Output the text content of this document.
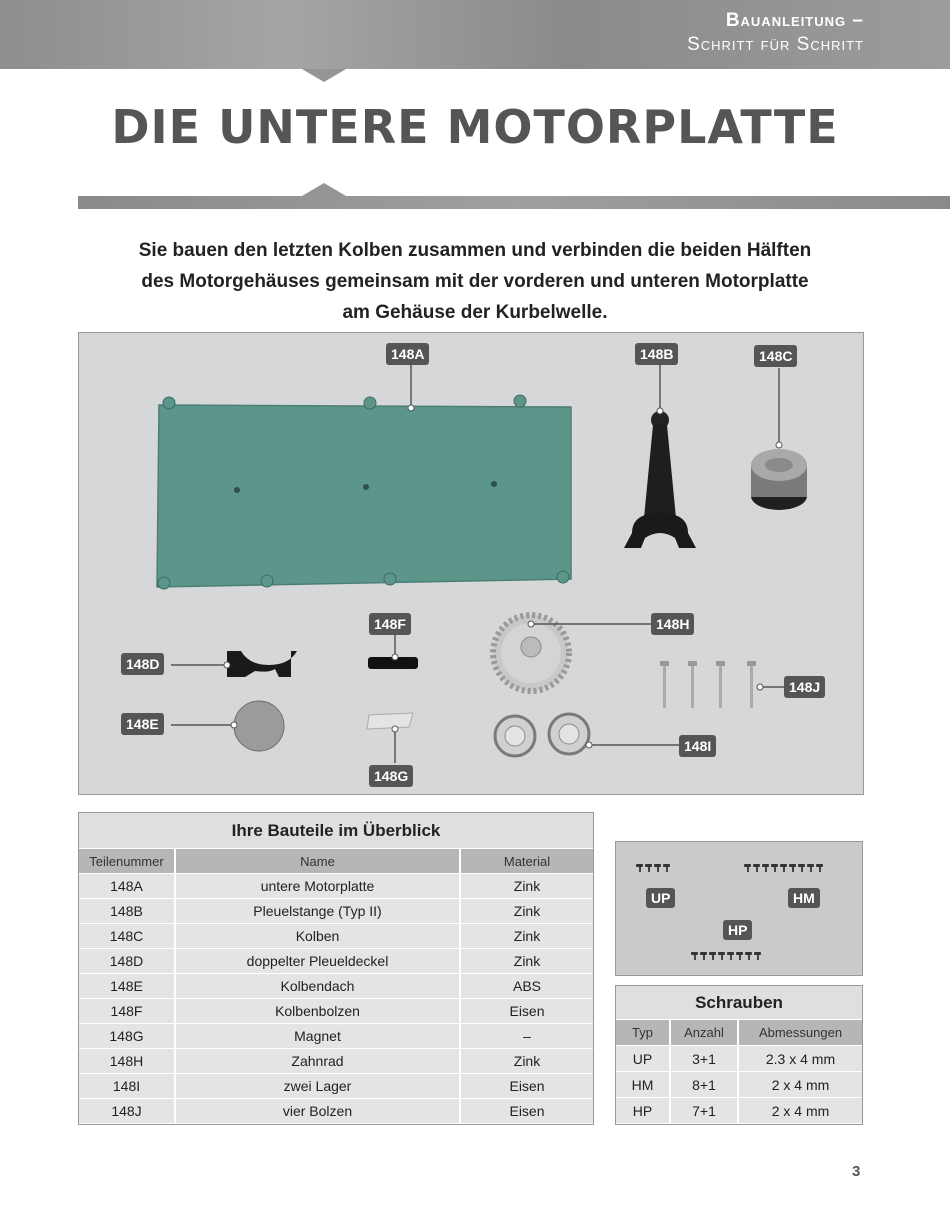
Bauanleitung –
Schritt für Schritt
DIE UNTERE MOTORPLATTE
Sie bauen den letzten Kolben zusammen und verbinden die beiden Hälften
des Motorgehäuses gemeinsam mit der vorderen und unteren Motorplatte
am Gehäuse der Kurbelwelle.
148A	148B	148C
148D
148E
148F
148G
148H
148I
148J
Ihre Bauteile im Überblick
Teilenummer	Name	Material
148A	untere Motorplatte	Zink
148B	Pleuelstange (Typ II)	Zink
148C	Kolben	Zink
148D	doppelter Pleueldeckel	Zink
148E	Kolbendach	ABS
148F	Kolbenbolzen	Eisen
148G	Magnet	–
148H	Zahnrad	Zink
148I	zwei Lager	Eisen
148J	vier Bolzen	Eisen
UP	HM
HP
Schrauben
Typ	Anzahl	Abmessungen
UP	3+1	2.3 x 4 mm
HM	8+1	2 x 4 mm
HP	7+1	2 x 4 mm
3
